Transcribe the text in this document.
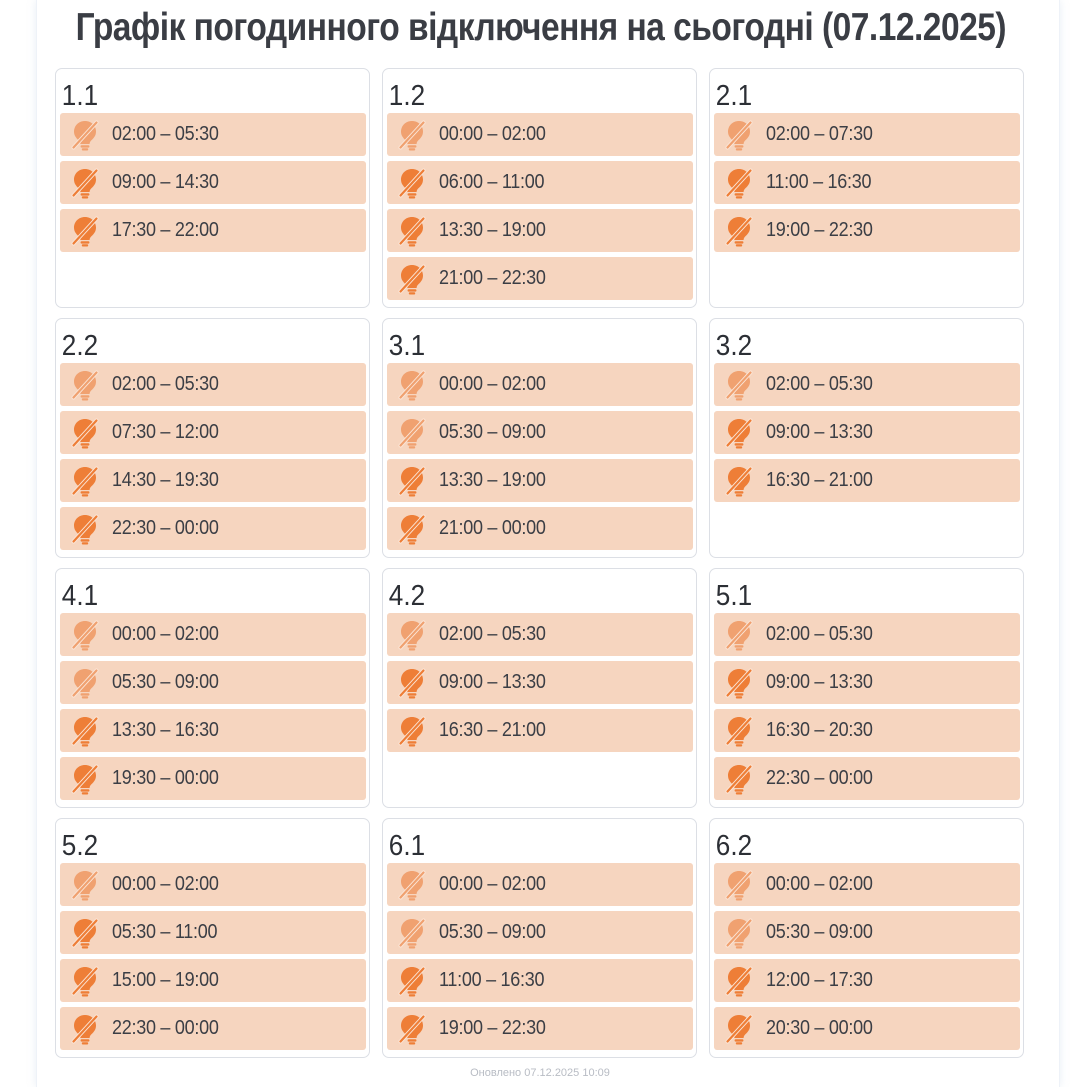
Графік погодинного відключення на сьогодні (07.12.2025)
1.1
02:00 – 05:30
09:00 – 14:30
17:30 – 22:00
1.2
00:00 – 02:00
06:00 – 11:00
13:30 – 19:00
21:00 – 22:30
2.1
02:00 – 07:30
11:00 – 16:30
19:00 – 22:30
2.2
02:00 – 05:30
07:30 – 12:00
14:30 – 19:30
22:30 – 00:00
3.1
00:00 – 02:00
05:30 – 09:00
13:30 – 19:00
21:00 – 00:00
3.2
02:00 – 05:30
09:00 – 13:30
16:30 – 21:00
4.1
00:00 – 02:00
05:30 – 09:00
13:30 – 16:30
19:30 – 00:00
4.2
02:00 – 05:30
09:00 – 13:30
16:30 – 21:00
5.1
02:00 – 05:30
09:00 – 13:30
16:30 – 20:30
22:30 – 00:00
5.2
00:00 – 02:00
05:30 – 11:00
15:00 – 19:00
22:30 – 00:00
6.1
00:00 – 02:00
05:30 – 09:00
11:00 – 16:30
19:00 – 22:30
6.2
00:00 – 02:00
05:30 – 09:00
12:00 – 17:30
20:30 – 00:00
Оновлено 07.12.2025 10:09
